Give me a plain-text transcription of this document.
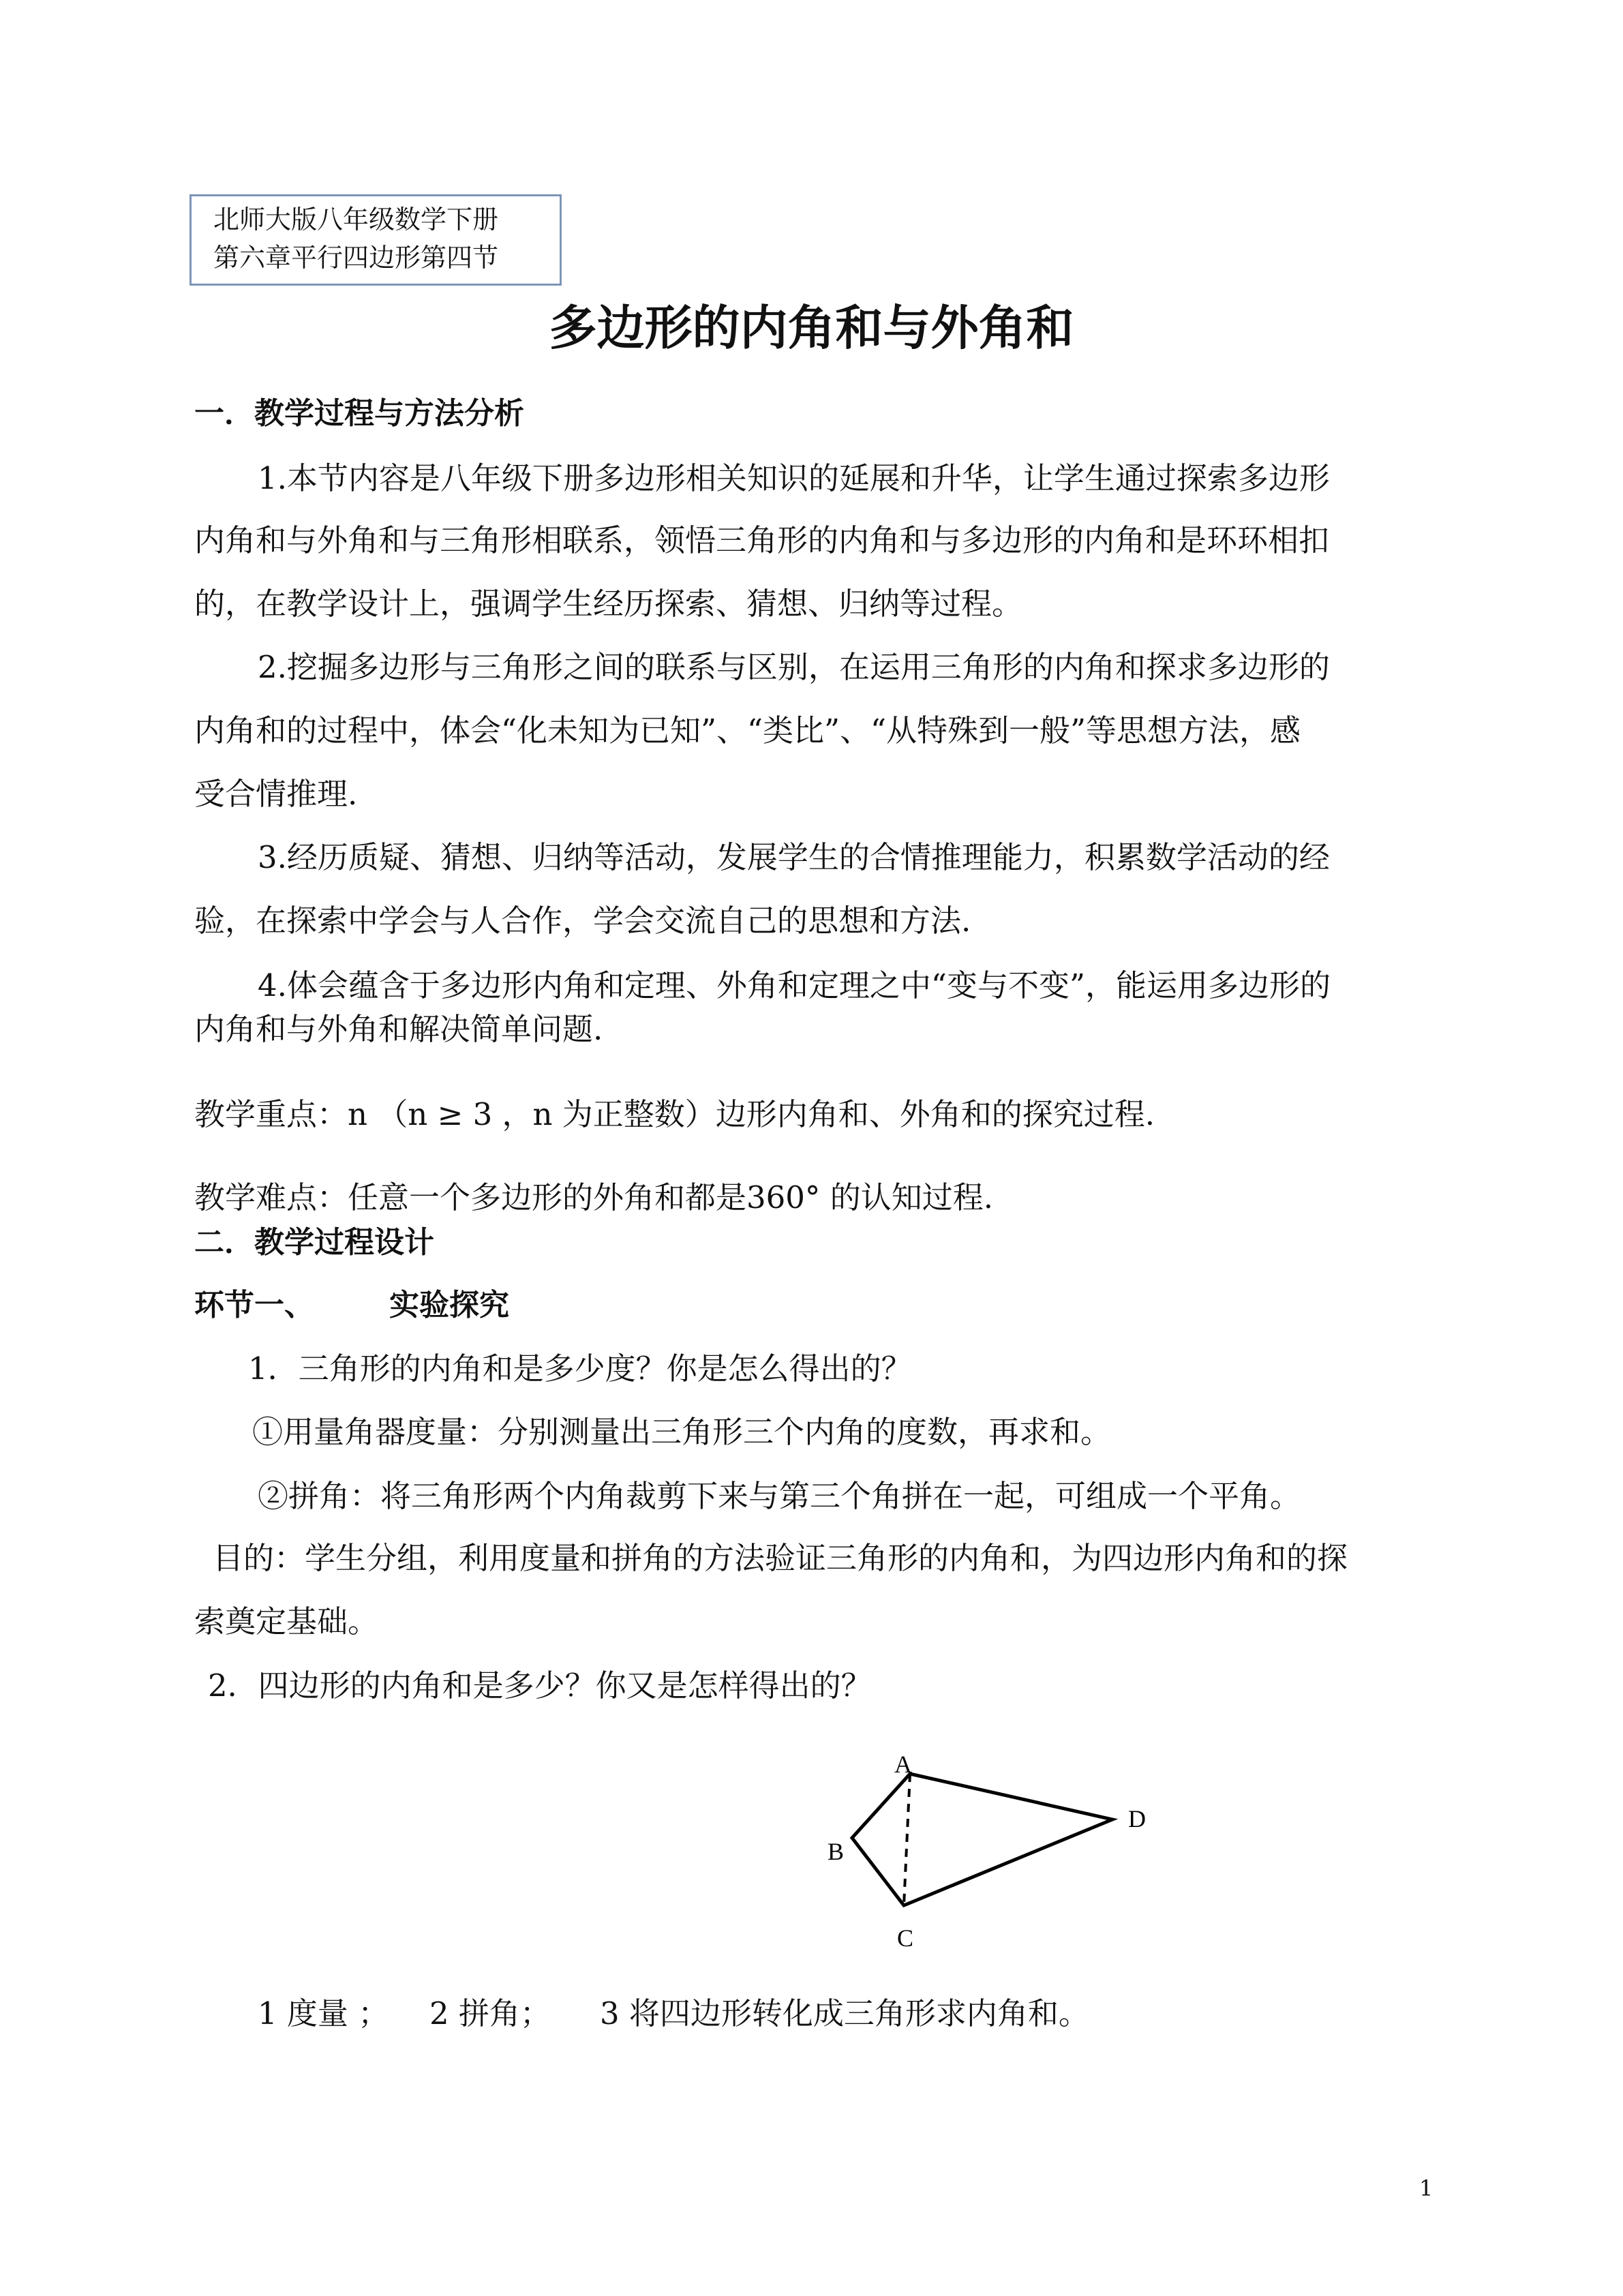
北师大版八年级数学下册
第六章平行四边形第四节
多边形的内角和与外角和
一．教学过程与方法分析
1.本节内容是八年级下册多边形相关知识的延展和升华，让学生通过探索多边形
内角和与外角和与三角形相联系，领悟三角形的内角和与多边形的内角和是环环相扣
的，在教学设计上，强调学生经历探索、猜想、归纳等过程。
2.挖掘多边形与三角形之间的联系与区别，在运用三角形的内角和探求多边形的
内角和的过程中，体会“化未知为已知”、“类比”、“从特殊到一般”等思想方法，感
受合情推理.
3.经历质疑、猜想、归纳等活动，发展学生的合情推理能力，积累数学活动的经
验，在探索中学会与人合作，学会交流自己的思想和方法.
4.体会蕴含于多边形内角和定理、外角和定理之中“变与不变”，能运用多边形的
内角和与外角和解决简单问题.
教学重点：n （n ≥ 3 ，n 为正整数）边形内角和、外角和的探究过程.
教学难点：任意一个多边形的外角和都是360° 的认知过程.
二．教学过程设计
环节一、	实验探究
1．三角形的内角和是多少度？你是怎么得出的？
①用量角器度量：分别测量出三角形三个内角的度数，再求和。
②拼角：将三角形两个内角裁剪下来与第三个角拼在一起，可组成一个平角。
目的：学生分组，利用度量和拼角的方法验证三角形的内角和，为四边形内角和的探
索奠定基础。
2．四边形的内角和是多少？你又是怎样得出的？
A
D
B
C
1 度量 ； 2 拼角； 3 将四边形转化成三角形求内角和。
1
